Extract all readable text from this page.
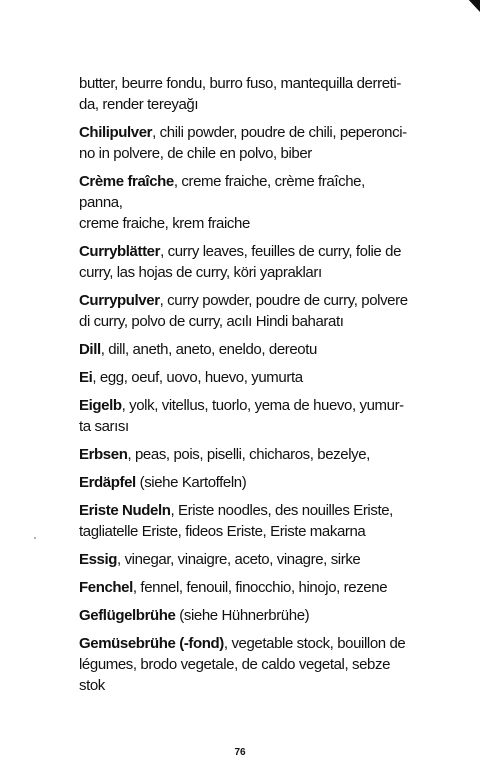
butter, beurre fondu, burro fuso, mantequilla derreti-
da, render tereyağı

Chilipulver, chili powder, poudre de chili, peperonci-
no in polvere, de chile en polvo, biber

Crème fraîche, creme fraiche, crème fraîche, panna,
creme fraiche, krem fraiche

Curryblätter, curry leaves, feuilles de curry, folie de
curry, las hojas de curry, köri yaprakları

Currypulver, curry powder, poudre de curry, polvere
di curry, polvo de curry, acılı Hindi baharatı

Dill, dill, aneth, aneto, eneldo, dereotu

Ei, egg, oeuf, uovo, huevo, yumurta

Eigelb, yolk, vitellus, tuorlo, yema de huevo, yumur-
ta sarısı

Erbsen, peas, pois, piselli, chicharos, bezelye,

Erdäpfel (siehe Kartoffeln)

Eriste Nudeln, Eriste noodles, des nouilles Eriste,
tagliatelle Eriste, fideos Eriste, Eriste makarna

Essig, vinegar, vinaigre, aceto, vinagre, sirke

Fenchel, fennel, fenouil, finocchio, hinojo, rezene

Geflügelbrühe (siehe Hühnerbrühe)

Gemüsebrühe (-fond), vegetable stock, bouillon de
légumes, brodo vegetale, de caldo vegetal, sebze stok

76
